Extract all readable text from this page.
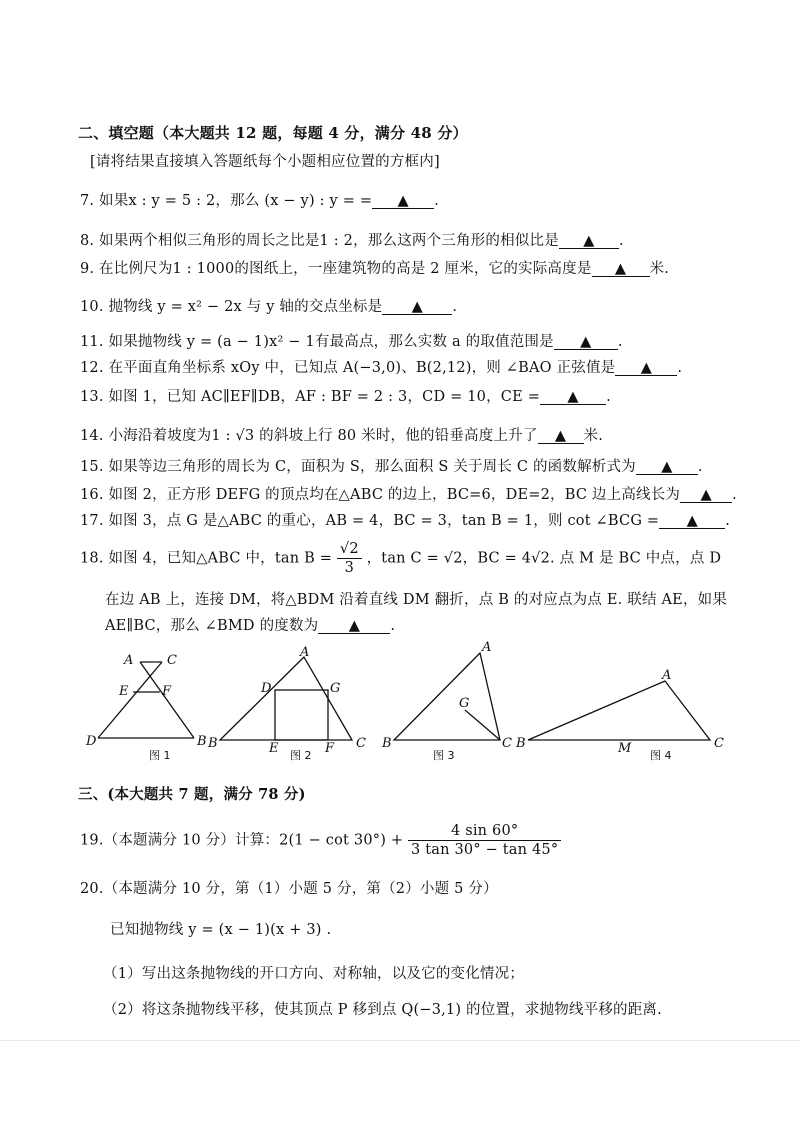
二、填空题（本大题共 12 题，每题 4 分，满分 48 分）
[请将结果直接填入答题纸每个小题相应位置的方框内]
7. 如果x : y = 5 : 2，那么 (x − y) : y = = ▲ .
8. 如果两个相似三角形的周长之比是1 : 2，那么这两个三角形的相似比是 ▲ .
9. 在比例尺为1 : 1000的图纸上，一座建筑物的高是 2 厘米，它的实际高度是 ▲ 米.
10. 抛物线 y = x² − 2x 与 y 轴的交点坐标是 ▲ .
11. 如果抛物线 y = (a − 1)x² − 1有最高点，那么实数 a 的取值范围是 ▲ .
12. 在平面直角坐标系 xOy 中，已知点 A(−3,0)、B(2,12)，则 ∠BAO 正弦值是 ▲ .
13. 如图 1，已知 AC∥EF∥DB，AF : BF = 2 : 3，CD = 10，CE = ▲ .
14. 小海沿着坡度为1 : √3 的斜坡上行 80 米时，他的铅垂高度上升了 ▲ 米.
15. 如果等边三角形的周长为 C，面积为 S，那么面积 S 关于周长 C 的函数解析式为 ▲ .
16. 如图 2，正方形 DEFG 的顶点均在△ABC 的边上，BC=6，DE=2，BC 边上高线长为 ▲ .
17. 如图 3，点 G 是△ABC 的重心，AB = 4，BC = 3，tan B = 1，则 cot ∠BCG = ▲ .
18. 如图 4，已知△ABC 中，$\tan B = \frac{√2}{3}$ ，tan C = √2，BC = 4√2. 点 M 是 BC 中点，点 D
在边 AB 上，连接 DM，将△BDM 沿着直线 DM 翻折，点 B 的对应点为点 E. 联结 AE，如果
AE∥BC，那么 ∠BMD 的度数为 ▲ .
A	C
E	F
D	B
图 1
A
D	G
B	E	F C
图 2
A
G
B	C
图 3
A
B	M	C
图 4
三、(本大题共 7 题，满分 78 分)
19.（本题满分 10 分）计算：$2(1 - \cot 30^\circ) + \frac{4 \sin 60^\circ}{3 \tan 30^\circ - \tan 45^\circ}$
20.（本题满分 10 分，第（1）小题 5 分，第（2）小题 5 分）
已知抛物线 y = (x − 1)(x + 3) .
（1）写出这条抛物线的开口方向、对称轴，以及它的变化情况；
（2）将这条抛物线平移，使其顶点 P 移到点 Q(−3,1) 的位置，求抛物线平移的距离.
